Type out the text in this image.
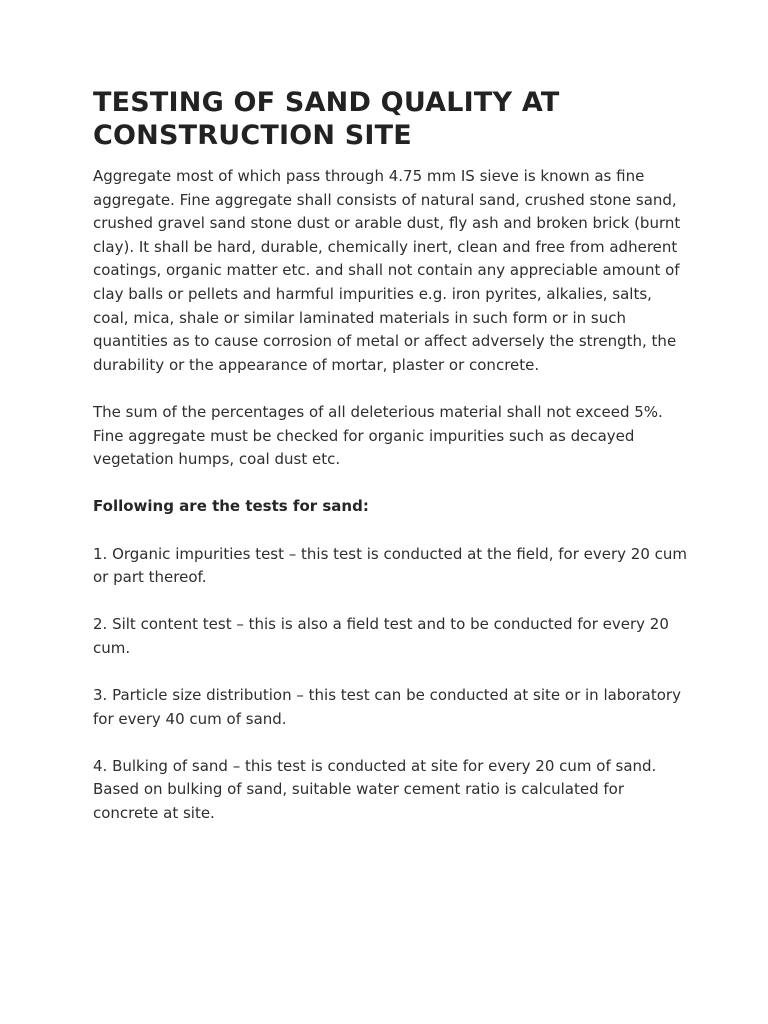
TESTING OF SAND QUALITY AT CONSTRUCTION SITE

Aggregate most of which pass through 4.75 mm IS sieve is known as fine aggregate. Fine aggregate shall consists of natural sand, crushed stone sand, crushed gravel sand stone dust or arable dust, fly ash and broken brick (burnt clay). It shall be hard, durable, chemically inert, clean and free from adherent coatings, organic matter etc. and shall not contain any appreciable amount of clay balls or pellets and harmful impurities e.g. iron pyrites, alkalies, salts, coal, mica, shale or similar laminated materials in such form or in such quantities as to cause corrosion of metal or affect adversely the strength, the durability or the appearance of mortar, plaster or concrete.

The sum of the percentages of all deleterious material shall not exceed 5%. Fine aggregate must be checked for organic impurities such as decayed vegetation humps, coal dust etc.

Following are the tests for sand:

1. Organic impurities test – this test is conducted at the field, for every 20 cum or part thereof.
2. Silt content test – this is also a field test and to be conducted for every 20 cum.
3. Particle size distribution – this test can be conducted at site or in laboratory for every 40 cum of sand.
4. Bulking of sand – this test is conducted at site for every 20 cum of sand. Based on bulking of sand, suitable water cement ratio is calculated for concrete at site.
